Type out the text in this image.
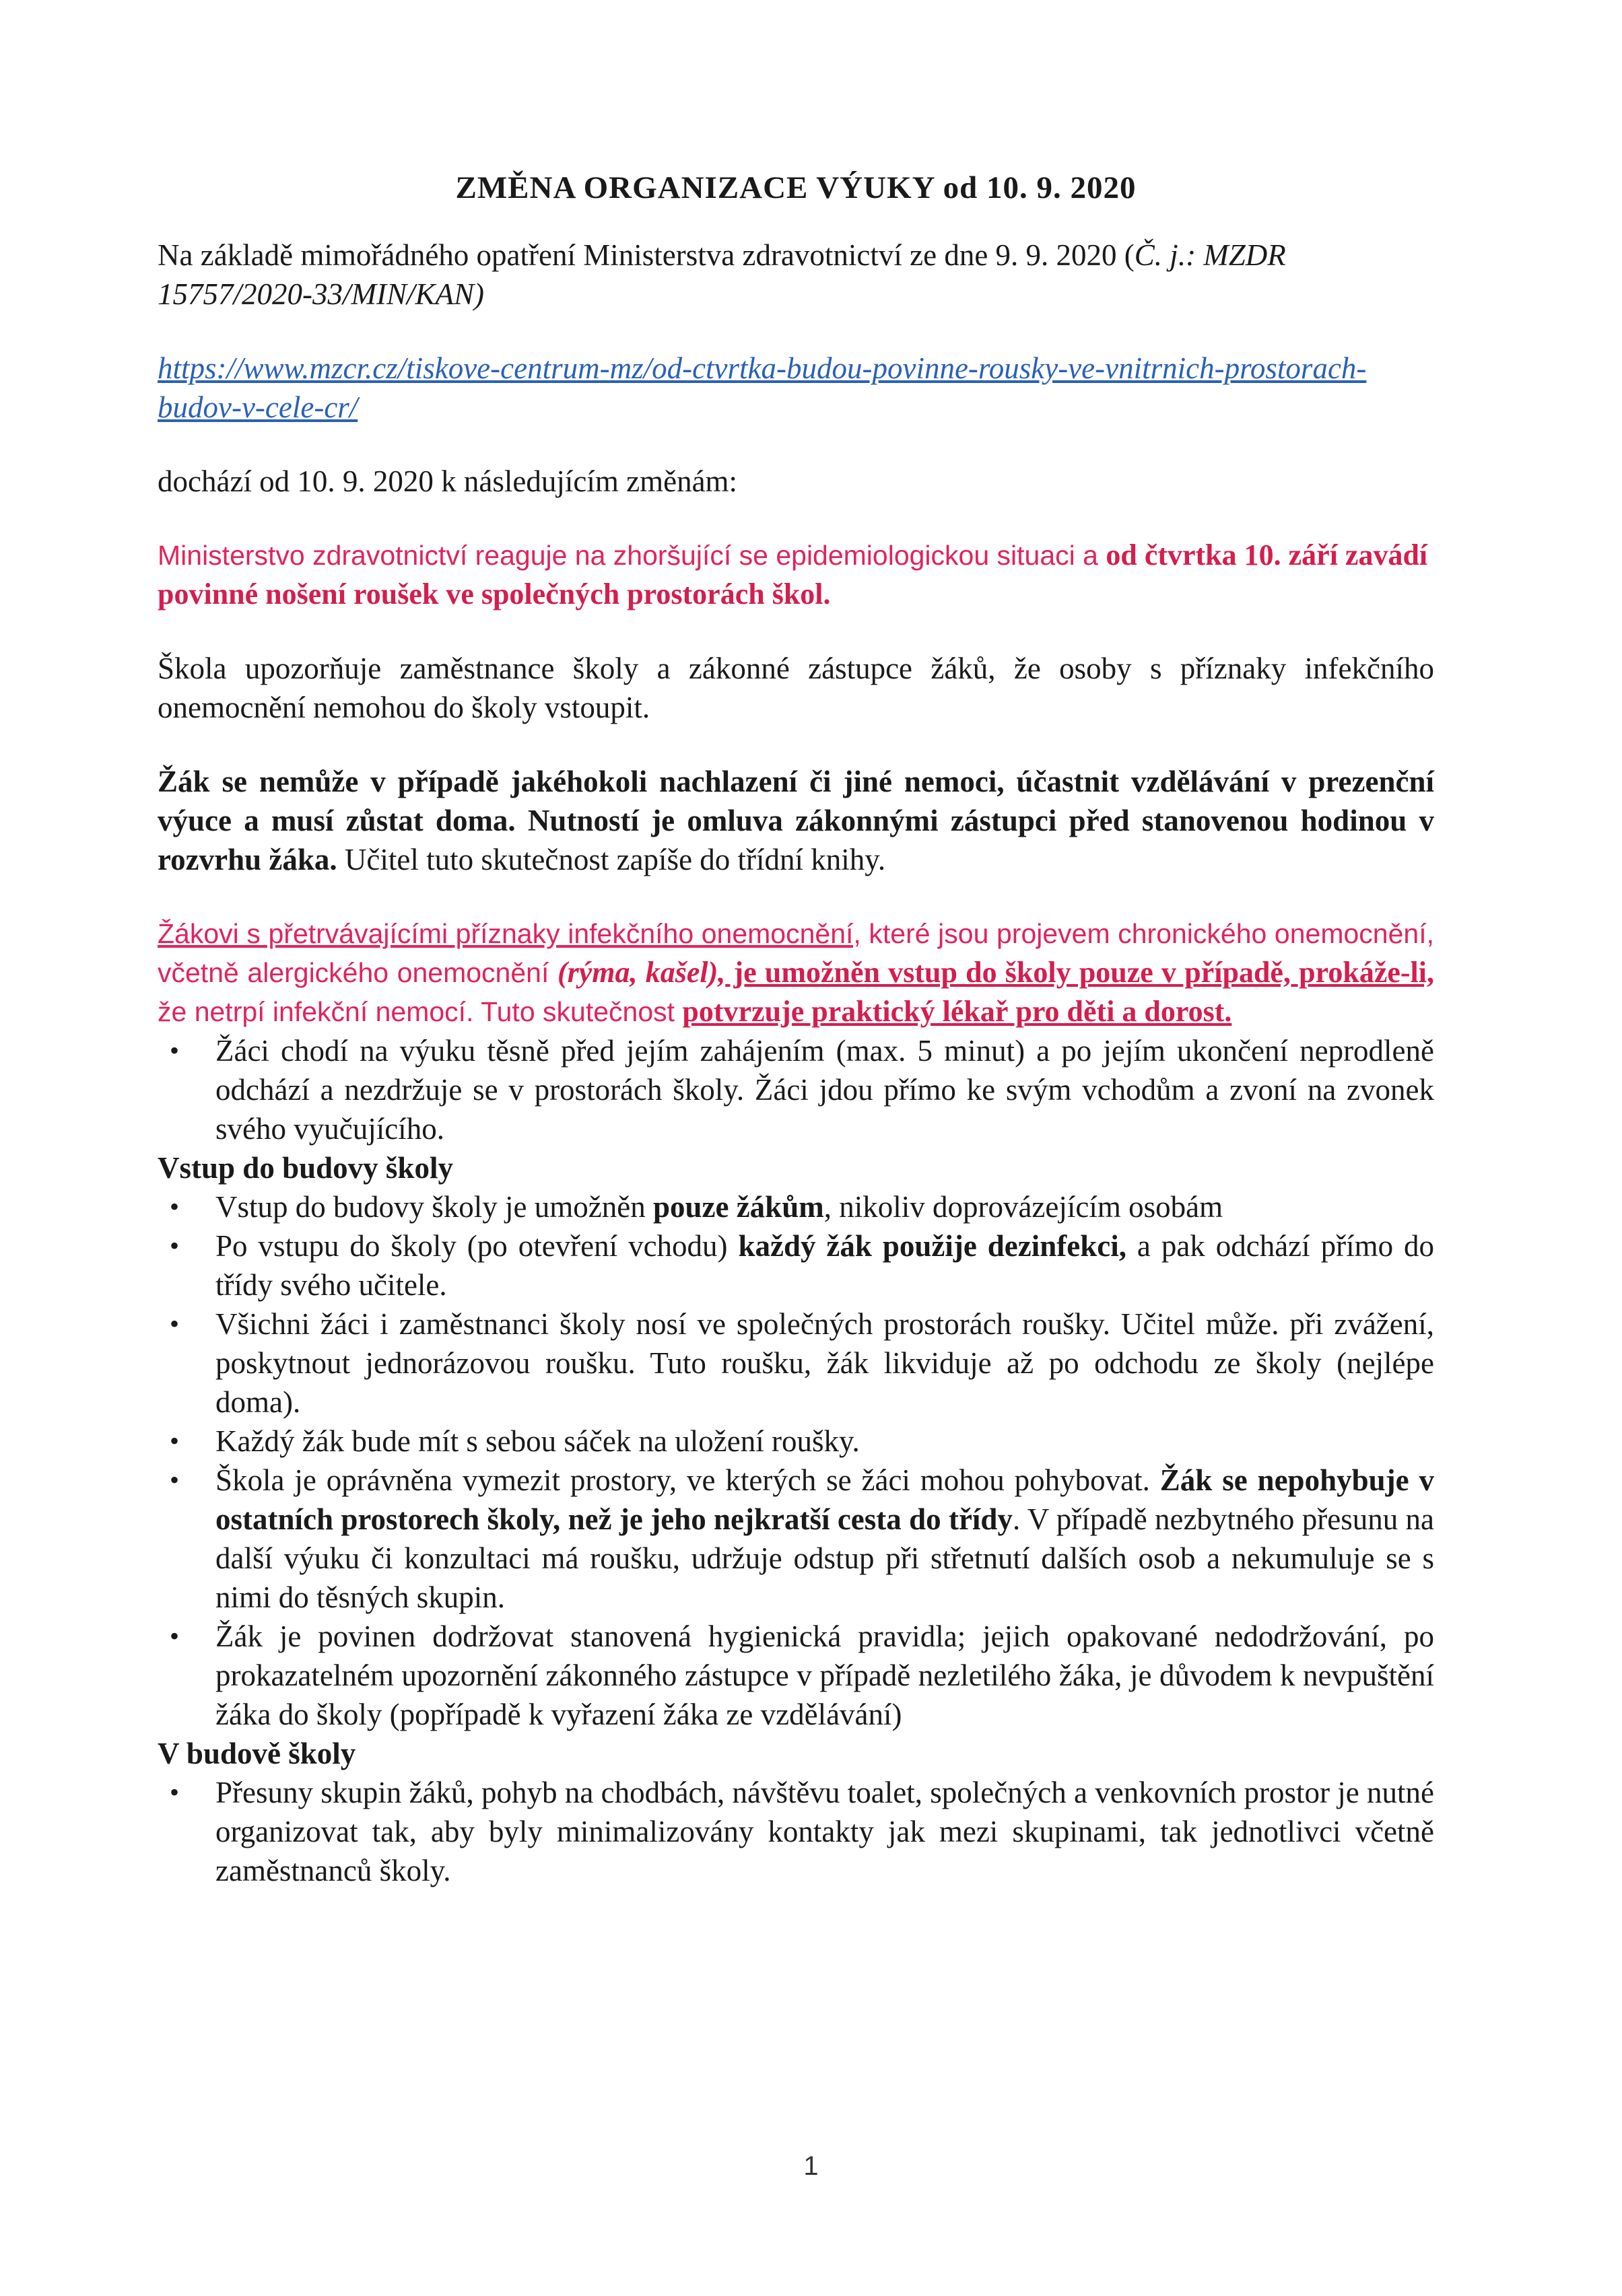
ZMĚNA ORGANIZACE VÝUKY od 10. 9. 2020

Na základě mimořádného opatření Ministerstva zdravotnictví ze dne 9. 9. 2020 (Č. j.: MZDR 15757/2020-33/MIN/KAN)

https://www.mzcr.cz/tiskove-centrum-mz/od-ctvrtka-budou-povinne-rousky-ve-vnitrnich-prostorach-budov-v-cele-cr/

dochází od 10. 9. 2020 k následujícím změnám:

Ministerstvo zdravotnictví reaguje na zhoršující se epidemiologickou situaci a od čtvrtka 10. září zavádí povinné nošení roušek ve společných prostorách škol.

Škola upozorňuje zaměstnance školy a zákonné zástupce žáků, že osoby s příznaky infekčního onemocnění nemohou do školy vstoupit.

Žák se nemůže v případě jakéhokoli nachlazení či jiné nemoci, účastnit vzdělávání v prezenční výuce a musí zůstat doma. Nutností je omluva zákonnými zástupci před stanovenou hodinou v rozvrhu žáka. Učitel tuto skutečnost zapíše do třídní knihy.

Žákovi s přetrvávajícími příznaky infekčního onemocnění, které jsou projevem chronického onemocnění, včetně alergického onemocnění (rýma, kašel), je umožněn vstup do školy pouze v případě, prokáže-li, že netrpí infekční nemocí. Tuto skutečnost potvrzuje praktický lékař pro děti a dorost.

• Žáci chodí na výuku těsně před jejím zahájením (max. 5 minut) a po jejím ukončení neprodleně odchází a nezdržuje se v prostorách školy. Žáci jdou přímo ke svým vchodům a zvoní na zvonek svého vyučujícího.

Vstup do budovy školy

• Vstup do budovy školy je umožněn pouze žákům, nikoliv doprovázejícím osobám
• Po vstupu do školy (po otevření vchodu) každý žák použije dezinfekci, a pak odchází přímo do třídy svého učitele.
• Všichni žáci i zaměstnanci školy nosí ve společných prostorách roušky. Učitel může. při zvážení, poskytnout jednorázovou roušku. Tuto roušku, žák likviduje až po odchodu ze školy (nejlépe doma).
• Každý žák bude mít s sebou sáček na uložení roušky.
• Škola je oprávněna vymezit prostory, ve kterých se žáci mohou pohybovat. Žák se nepohybuje v ostatních prostorech školy, než je jeho nejkratší cesta do třídy. V případě nezbytného přesunu na další výuku či konzultaci má roušku, udržuje odstup při střetnutí dalších osob a nekumuluje se s nimi do těsných skupin.
• Žák je povinen dodržovat stanovená hygienická pravidla; jejich opakované nedodržování, po prokazatelném upozornění zákonného zástupce v případě nezletilého žáka, je důvodem k nevpuštění žáka do školy (popřípadě k vyřazení žáka ze vzdělávání)

V budově školy

• Přesuny skupin žáků, pohyb na chodbách, návštěvu toalet, společných a venkovních prostor je nutné organizovat tak, aby byly minimalizovány kontakty jak mezi skupinami, tak jednotlivci včetně zaměstnanců školy.
1
